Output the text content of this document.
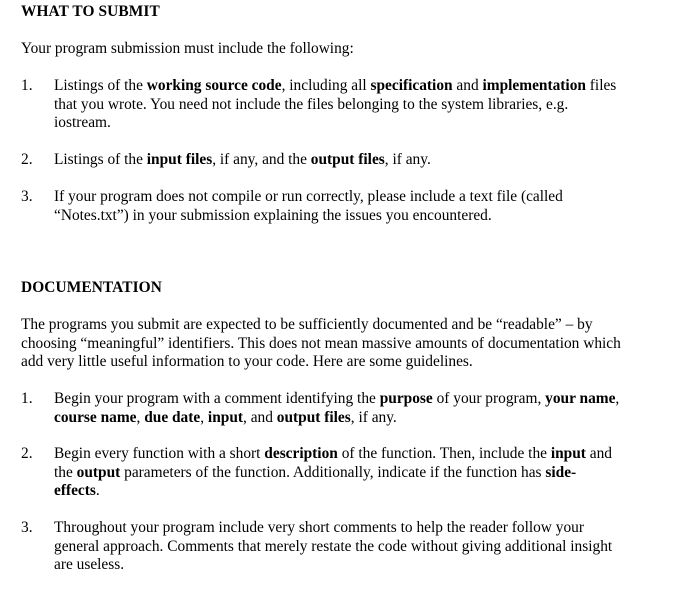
WHAT TO SUBMIT

Your program submission must include the following:

1.	Listings of the working source code, including all specification and implementation files

that you wrote. You need not include the files belonging to the system libraries, e.g.

iostream.

2.	Listings of the input files, if any, and the output files, if any.

3.	If your program does not compile or run correctly, please include a text file (called

“Notes.txt”) in your submission explaining the issues you encountered.

DOCUMENTATION

The programs you submit are expected to be sufficiently documented and be “readable” – by

choosing “meaningful” identifiers. This does not mean massive amounts of documentation which

add very little useful information to your code. Here are some guidelines.

1.	Begin your program with a comment identifying the purpose of your program, your name,

course name, due date, input, and output files, if any.

2.	Begin every function with a short description of the function. Then, include the input and

the output parameters of the function. Additionally, indicate if the function has side-

effects.

3.	Throughout your program include very short comments to help the reader follow your

general approach. Comments that merely restate the code without giving additional insight

are useless.
